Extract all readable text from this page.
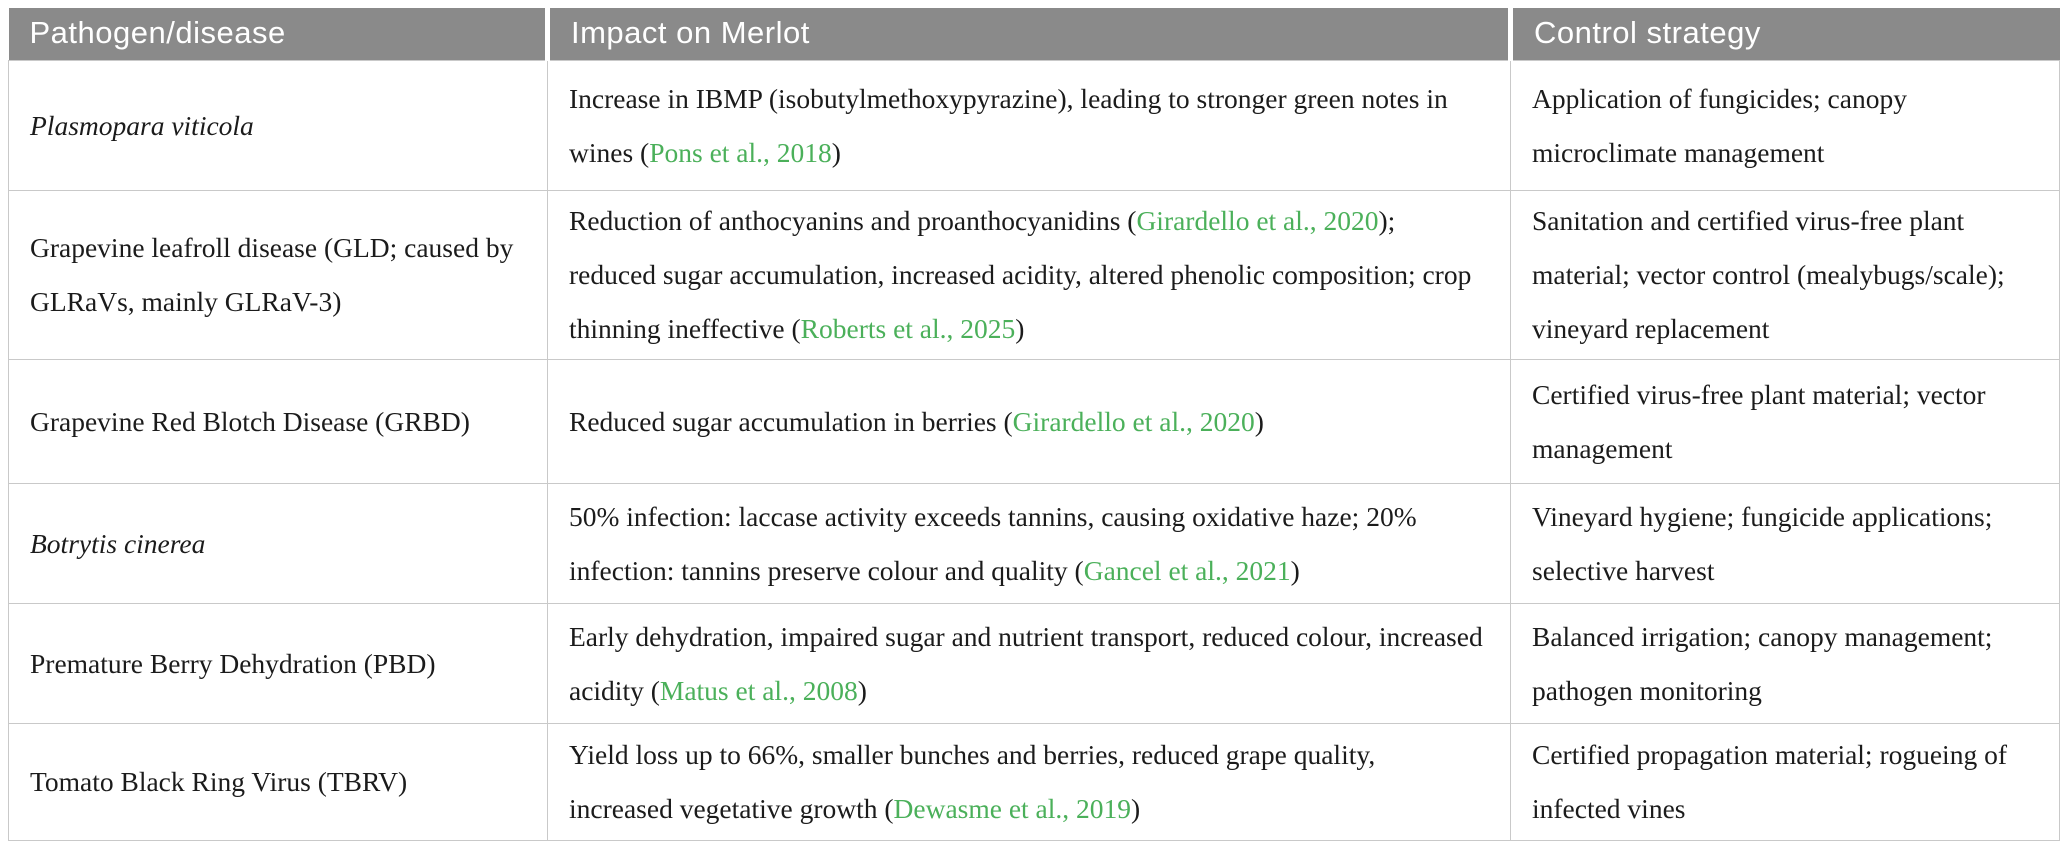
Pathogen/disease	Impact on Merlot	Control strategy
Plasmopara viticola	Increase in IBMP (isobutylmethoxypyrazine), leading to stronger green notes in wines (Pons et al., 2018)	Application of fungicides; canopy microclimate management
Grapevine leafroll disease (GLD; caused by GLRaVs, mainly GLRaV-3)	Reduction of anthocyanins and proanthocyanidins (Girardello et al., 2020); reduced sugar accumulation, increased acidity, altered phenolic composition; crop thinning ineffective (Roberts et al., 2025)	Sanitation and certified virus-free plant material; vector control (mealybugs/scale); vineyard replacement
Grapevine Red Blotch Disease (GRBD)	Reduced sugar accumulation in berries (Girardello et al., 2020)	Certified virus-free plant material; vector management
Botrytis cinerea	50% infection: laccase activity exceeds tannins, causing oxidative haze; 20% infection: tannins preserve colour and quality (Gancel et al., 2021)	Vineyard hygiene; fungicide applications; selective harvest
Premature Berry Dehydration (PBD)	Early dehydration, impaired sugar and nutrient transport, reduced colour, increased acidity (Matus et al., 2008)	Balanced irrigation; canopy management; pathogen monitoring
Tomato Black Ring Virus (TBRV)	Yield loss up to 66%, smaller bunches and berries, reduced grape quality, increased vegetative growth (Dewasme et al., 2019)	Certified propagation material; rogueing of infected vines
